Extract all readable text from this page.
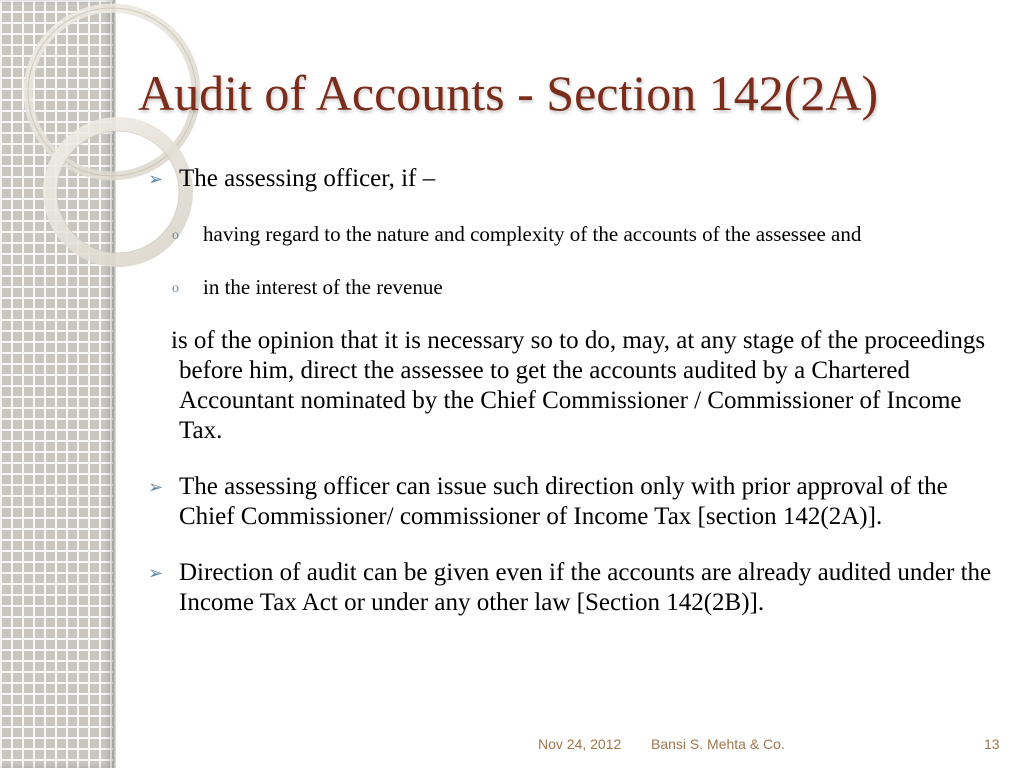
Audit of Accounts - Section 142(2A)
➢ The assessing officer, if –
o having regard to the nature and complexity of the accounts of the assessee and
o in the interest of the revenue
is of the opinion that it is necessary so to do, may, at any stage of the proceedings before him, direct the assessee to get the accounts audited by a Chartered Accountant nominated by the Chief Commissioner / Commissioner of Income Tax.
➢ The assessing officer can issue such direction only with prior approval of the Chief Commissioner/ commissioner of Income Tax [section 142(2A)].
➢ Direction of audit can be given even if the accounts are already audited under the Income Tax Act or under any other law [Section 142(2B)].
Nov 24, 2012 Bansi S. Mehta & Co.	13
